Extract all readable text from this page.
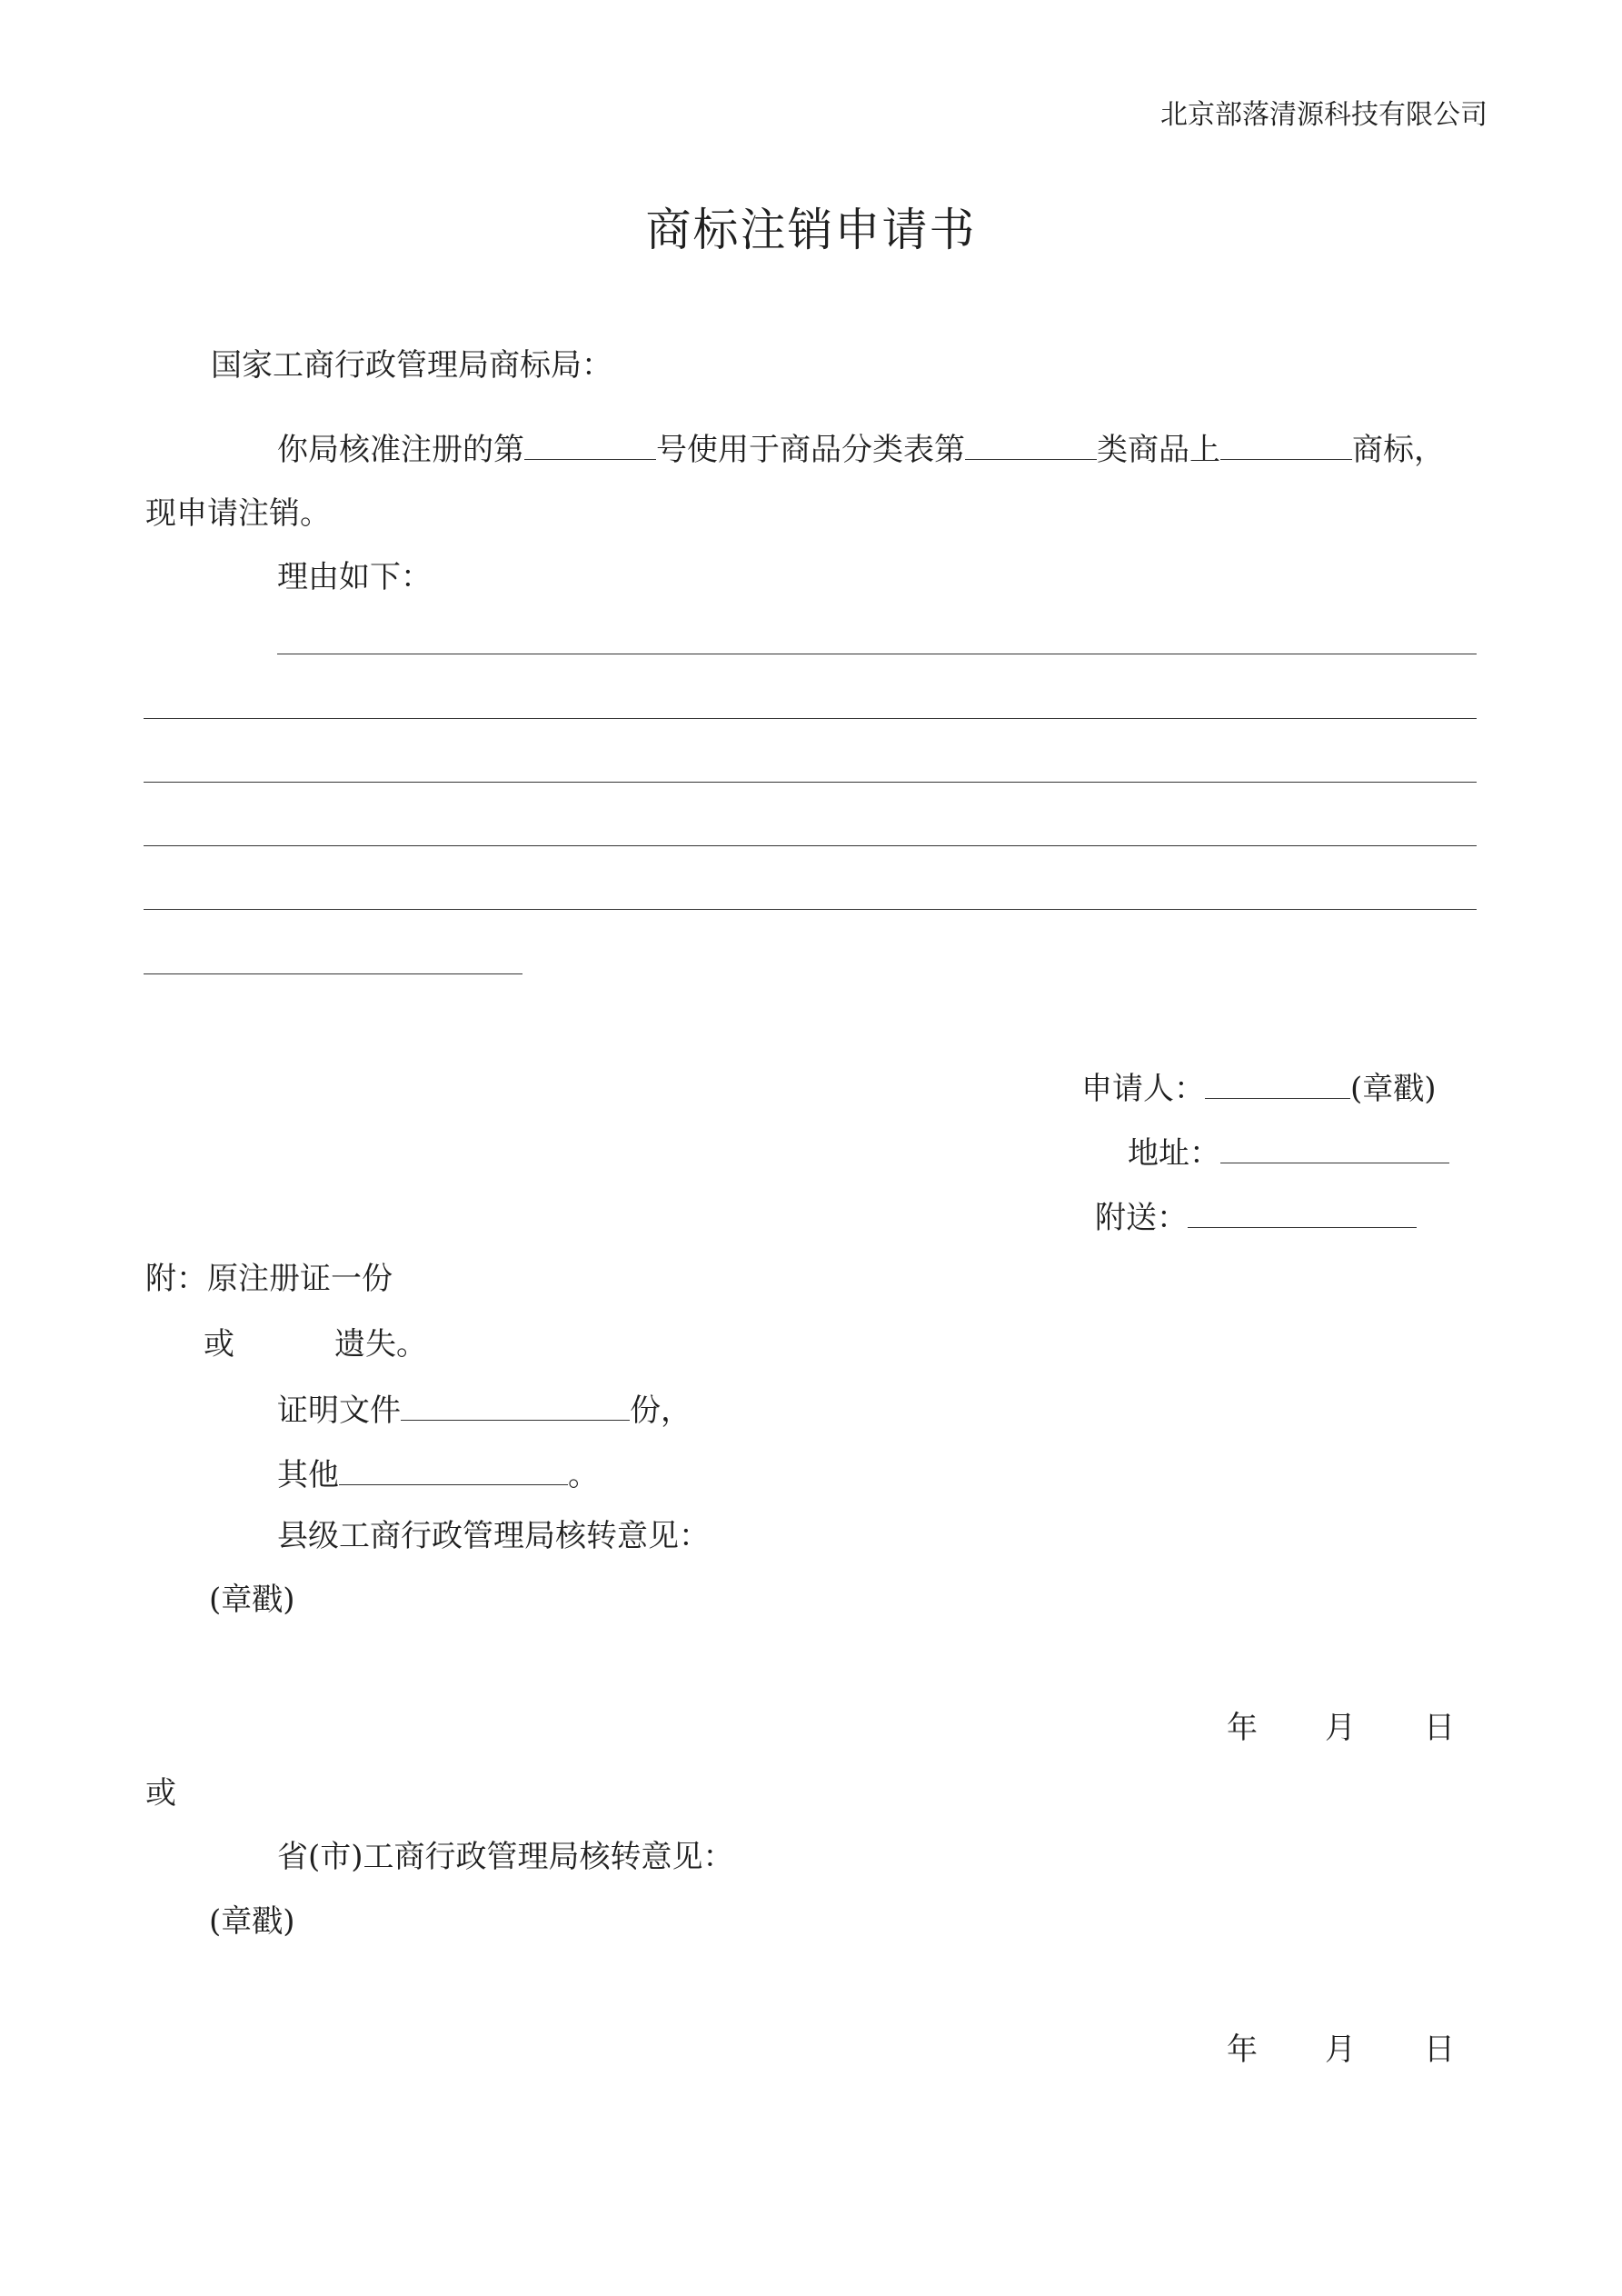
北京部落清源科技有限公司
商标注销申请书
国家工商行政管理局商标局：
你局核准注册的第	号使用于商品分类表第	类商品上	商标，
现申请注销。
理由如下：
申请人：	(章戳)
地址：
附送：
附：原注册证一份
或	遗失。
证明文件	份，
其他	。
县级工商行政管理局核转意见：
(章戳)
年 月 日
或
省(市)工商行政管理局核转意见：
(章戳)
年 月 日
